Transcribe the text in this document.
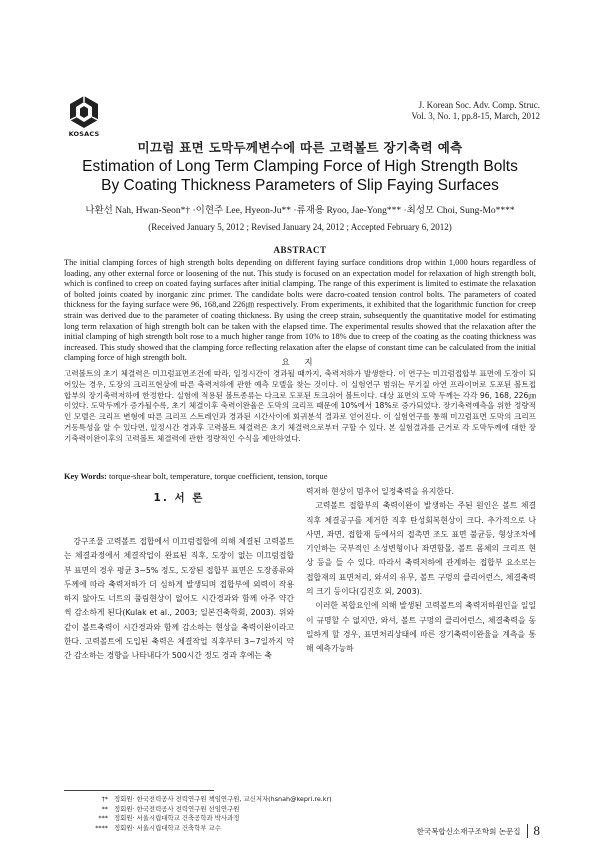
KOSACS
J. Korean Soc. Adv. Comp. Struc.
Vol. 3, No. 1, pp.8-15, March, 2012
미끄럼 표면 도막두께변수에 따른 고력볼트 장기축력 예측
Estimation of Long Term Clamping Force of High Strength Bolts
By Coating Thickness Parameters of Slip Faying Surfaces
나환선 Nah, Hwan-Seon*† ·이현주 Lee, Hyeon-Ju** ·류재용 Ryoo, Jae-Yong*** ·최성모 Choi, Sung-Mo****
(Received January 5, 2012 ; Revised January 24, 2012 ; Accepted February 6, 2012)
ABSTRACT
The initial clamping forces of high strength bolts depending on different faying surface conditions drop within 1,000 hours regardless of loading, any other external force or loosening of the nut. This study is focused on an expectation model for relaxation of high strength bolt, which is confined to creep on coated faying surfaces after initial clamping. The range of this experiment is limited to estimate the relaxation of bolted joints coated by inorganic zinc primer. The candidate bolts were dacro-coated tension control bolts. The parameters of coated thickness for the faying surface were 96, 168,and 226㎛ respectively. From experiments, it exhibited that the logarithmic function for creep strain was derived due to the parameter of coating thickness. By using the creep strain, subsequently the quantitative model for estimating long term relaxation of high strength bolt can be taken with the elapsed time. The experimental results showed that the relaxation after the initial clamping of high strength bolt rose to a much higher range from 10% to 18% due to creep of the coating as the coating thickness was increased. This study showed that the clamping force reflecting relaxation after the elapse of constant time can be calculated from the initial clamping force of high strength bolt.
요 지
고력볼트의 초기 체결력은 미끄럼표면조건에 따라, 일정시간이 경과될 때까지, 축력저하가 발생한다. 이 연구는 미끄럼접합부 표면에 도장이 되어있는 경우, 도장의 크리프현상에 따른 축력저하에 관한 예측 모델을 찾는 것이다. 이 실험연구 범위는 무기질 아연 프라이머로 도포된 볼트접합부의 장기축력저하에 한정한다. 실험에 적용된 볼트종류는 다크로 도포된 토크쉬어 볼트이다. 대상 표면의 도막 두께는 각각 96, 168, 226㎛ 이었다. 도막두께가 증가될수록, 초기 체결이후 축력이완율은 도막의 크리프 때문에 10%에서 18%로 증가되었다. 장기축력예측을 위한 정량적인 모델은 크리프 변형에 따른 크리프 스트레인과 경과된 시간사이에 회귀분석 결과로 얻어진다. 이 실험연구를 통해 미끄럼표면 도막의 크리프 거동특성을 알 수 있다면, 일정시간 경과후 고력볼트 체결력은 초기 체결력으로부터 구할 수 있다. 본 실험결과를 근거로 각 도막두께에 대한 장기축력이완이후의 고력볼트 체결력에 관한 정량적인 수식을 제안하였다.
Key Words: torque-shear bolt, temperature, torque coefficient, tension, torque
1. 서 론

강구조물 고력볼트 접합에서 미끄럼접합에 의해 체결된 고력볼트는 체결과정에서 체결작업이 완료된 직후, 도장이 없는 미끄럼접합부 표면의 경우 평균 3~5% 정도, 도장된 접합부 표면은 도장종류와 두께에 따라 축력저하가 더 심하게 발생되며 접합부에 외력이 작용하지 않아도 너트의 풀림현상이 없어도 시간경과와 함께 아주 약간씩 감소하게 된다(Kulak et al., 2003; 일본건축학회, 2003). 위와 같이 볼트축력이 시간경과와 함께 감소하는 현상을 축력이완이라고 한다. 고력볼트에 도입된 축력은 체결작업 직후부터 3~7일까지 약간 감소하는 경향을 나타내다가 500시간 정도 경과 후에는 축

력저하 현상이 멈추어 일정축력을 유지한다.

고력볼트 접합부의 축력이완이 발생하는 주된 원인은 볼트 체결직후 체결공구를 제거한 직후 탄성회복현상이 크다. 추가적으로 나사면, 좌면, 접합재 등에서의 접촉면 조도 표면 불균등, 형상조차에 기인하는 국부적인 소성변형이나 좌면함몰, 볼트 몸체의 크리프 현상 등을 들 수 있다. 따라서 축력저하에 관계하는 접합부 요소로는 접합재의 표면처리, 와셔의 유무, 볼트 구멍의 클리어런스, 체결축력의 크기 등이다(김진호 외, 2003).

이러한 복합요인에 의해 발생된 고력볼트의 축력저하원인을 일일이 규명할 수 없지만, 와셔, 볼트 구멍의 클리어런스, 체결축력을 동일하게 할 경우, 표면처리상태에 따른 장기축력이완율을 계측을 통해 예측가능하

†* 정회원· 한국전력공사 전력연구원 책임연구원, 교신저자(hsnah@kepri.re.kr)
** 정회원· 한국전력공사 전력연구원 선임연구원
*** 정회원· 서울시립대학교 건축공학과 박사과정
**** 정회원· 서울시립대학교 건축학부 교수	한국복합신소재구조학회 논문집	8
